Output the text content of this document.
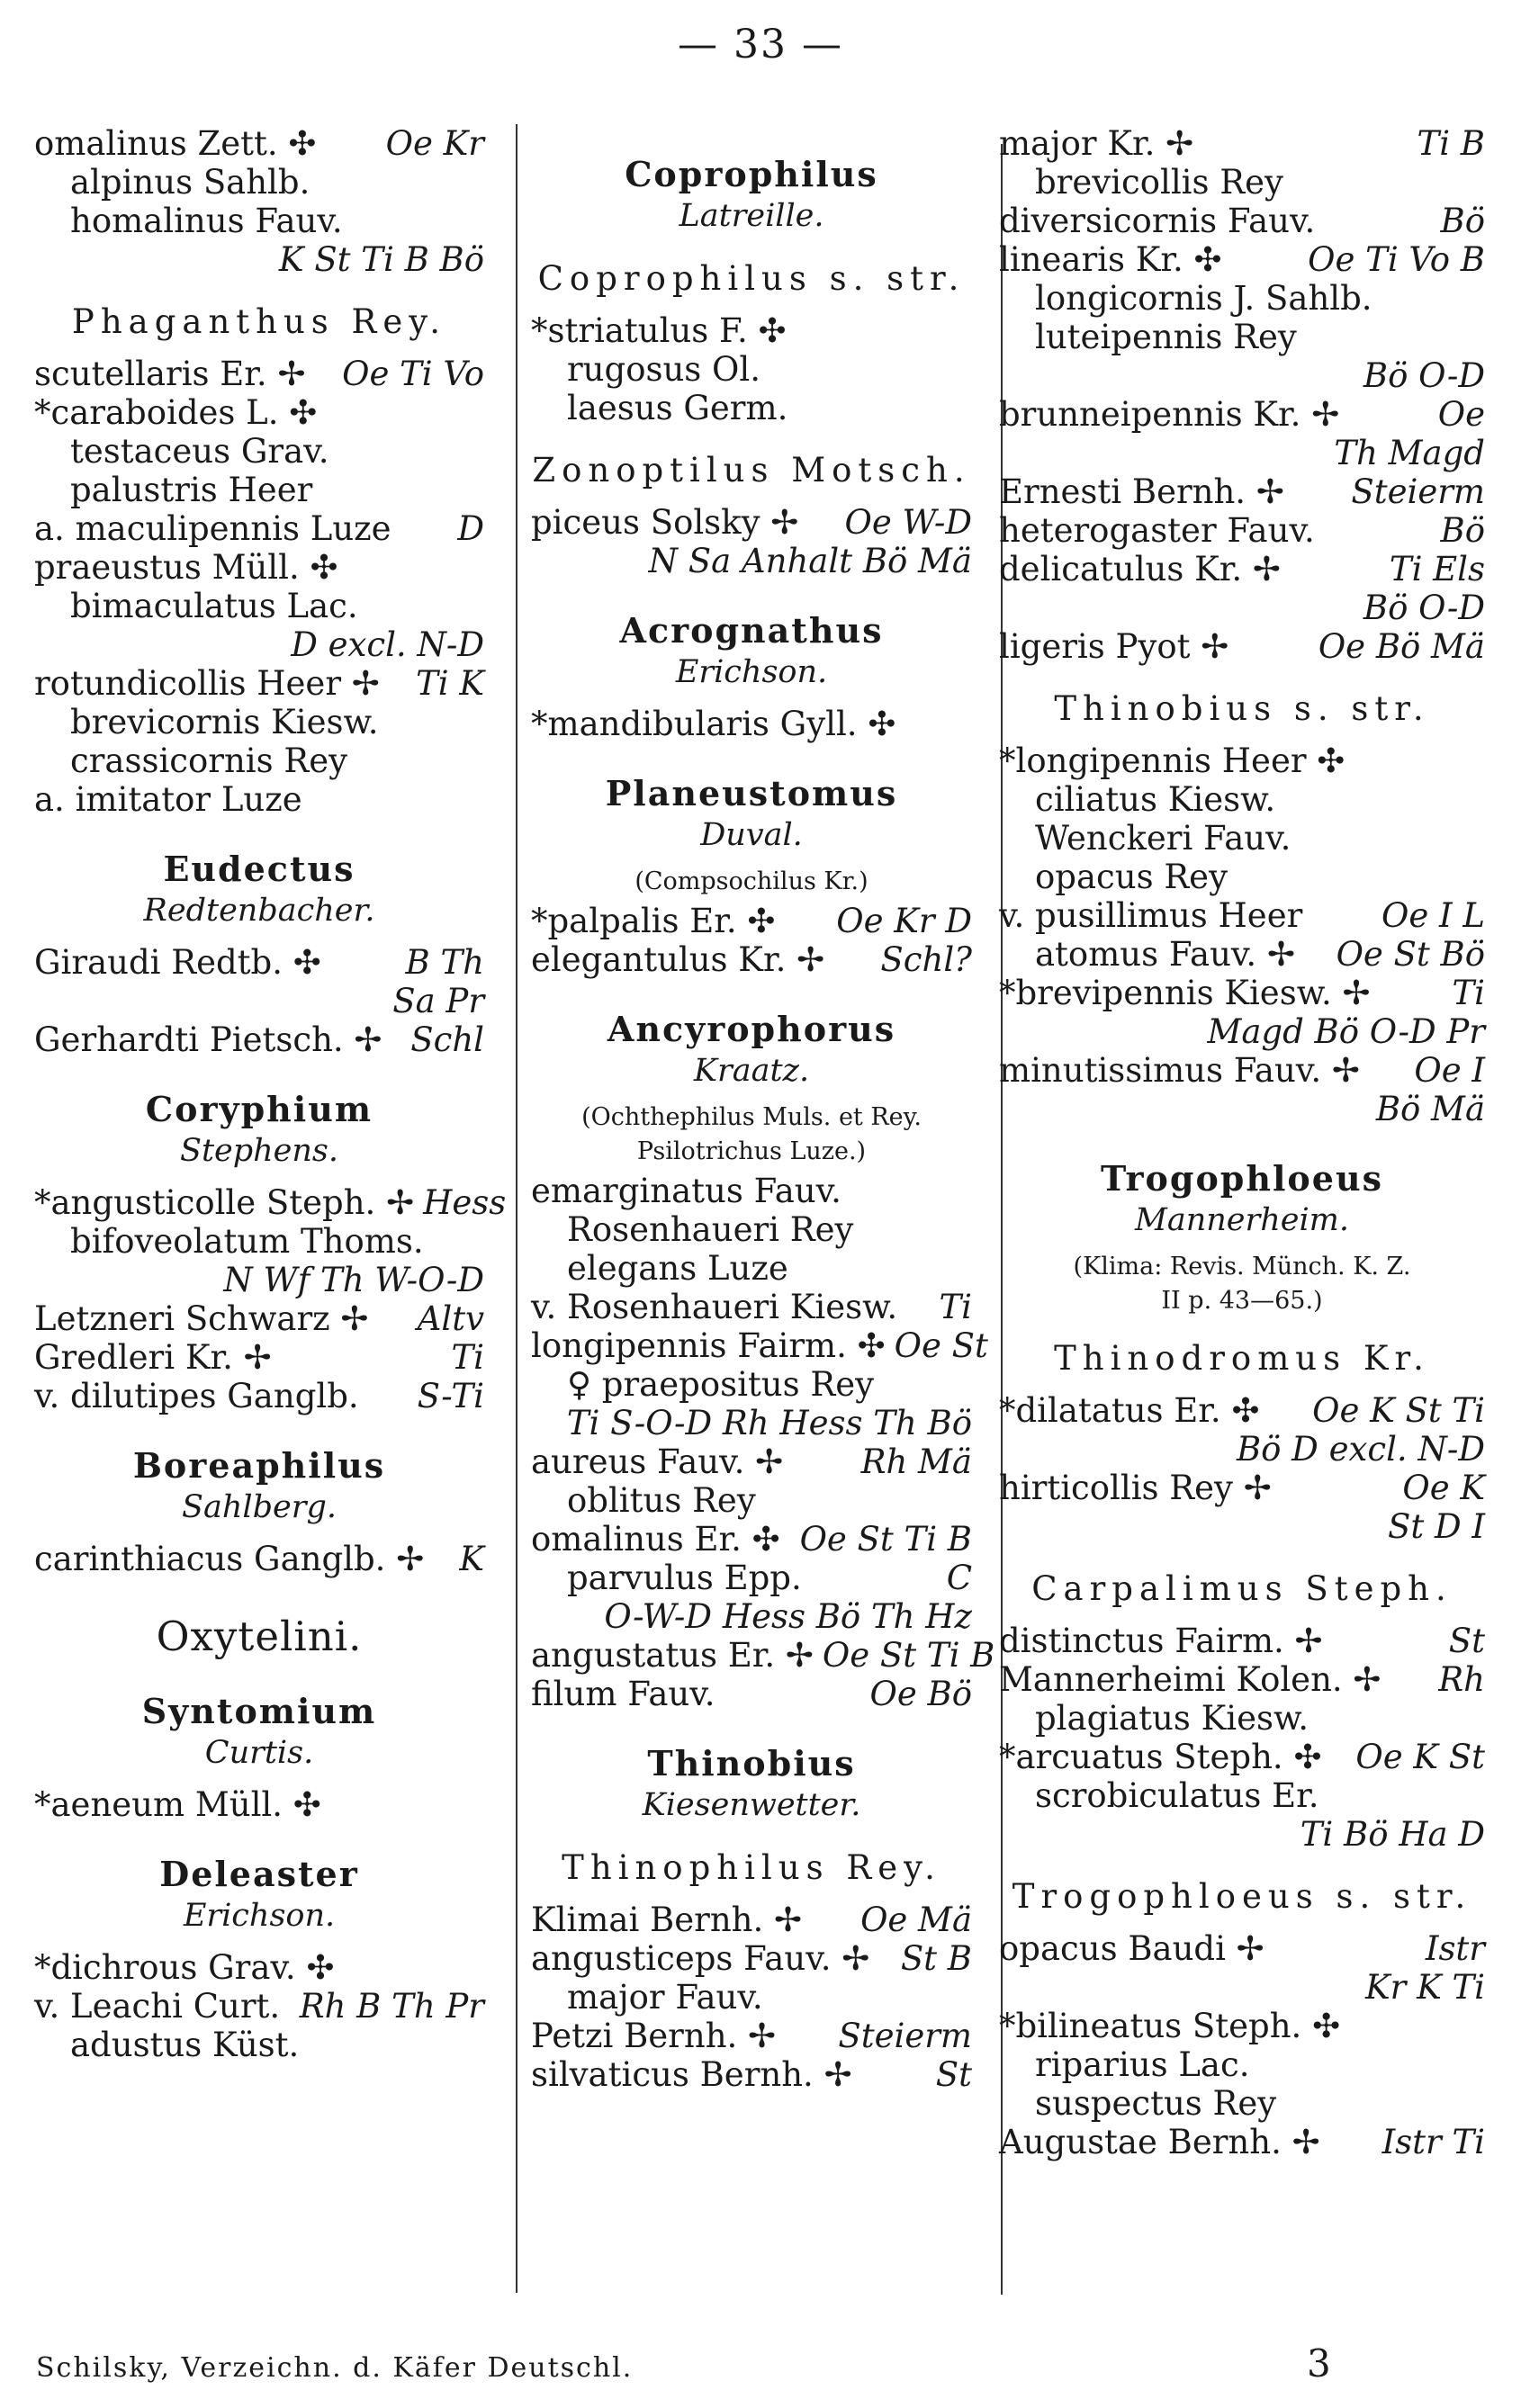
— 33 —
omalinus Zett. ✣ Oe Kr
alpinus Sahlb.
homalinus Fauv.
K St Ti B Bö
Phaganthus Rey.
scutellaris Er. ✢ Oe Ti Vo
*caraboides L. ✣
testaceus Grav.
palustris Heer
a. maculipennis Luze D
praeustus Müll. ✣
bimaculatus Lac.
D excl. N-D
rotundicollis Heer ✢ Ti K
brevicornis Kiesw.
crassicornis Rey
a. imitator Luze
Eudectus
Redtenbacher.
Giraudi Redtb. ✣	B Th
Sa Pr
Gerhardti Pietsch. ✢ Schl
Coryphium
Stephens.
*angusticolle Steph. ✢ Hess
bifoveolatum Thoms.
N Wf Th W-O-D
Letzneri Schwarz ✢ Altv
Gredleri Kr. ✢	Ti
v. dilutipes Ganglb. S-Ti
Boreaphilus
Sahlberg.
carinthiacus Ganglb. ✢ K
Oxytelini.
Syntomium
Curtis.
*aeneum Müll. ✣
Deleaster
Erichson.
*dichrous Grav. ✣
v. Leachi Curt. Rh B Th Pr
adustus Küst.
Coprophilus
Latreille.
Coprophilus s. str.
*striatulus F. ✣
rugosus Ol.
laesus Germ.
Zonoptilus Motsch.
piceus Solsky ✢ Oe W-D
N Sa Anhalt Bö Mä
Acrognathus
Erichson.
*mandibularis Gyll. ✣
Planeustomus
Duval.
(Compsochilus Kr.)
*palpalis Er. ✣ Oe Kr D
elegantulus Kr. ✢ Schl?
Ancyrophorus
Kraatz.
(Ochthephilus Muls. et Rey.
Psilotrichus Luze.)
emarginatus Fauv.
Rosenhaueri Rey
elegans Luze
v. Rosenhaueri Kiesw. Ti
longipennis Fairm. ✣ Oe St
♀ praepositus Rey
Ti S-O-D Rh Hess Th Bö
aureus Fauv. ✢ Rh Mä
oblitus Rey
omalinus Er. ✣ Oe St Ti B
parvulus Epp.	C
O-W-D Hess Bö Th Hz
angustatus Er. ✢ Oe St Ti B
filum Fauv.	Oe Bö
Thinobius
Kiesenwetter.
Thinophilus Rey.
Klimai Bernh. ✢ Oe Mä
angusticeps Fauv. ✢ St B
major Fauv.
Petzi Bernh. ✢ Steierm
silvaticus Bernh. ✢	St
major Kr. ✢	Ti B
brevicollis Rey
diversicornis Fauv.	Bö
linearis Kr. ✣	Oe Ti Vo B
longicornis J. Sahlb.
luteipennis Rey
Bö O-D
brunneipennis Kr. ✢	Oe
Th Magd
Ernesti Bernh. ✢ Steierm
heterogaster Fauv.	Bö
delicatulus Kr. ✢	Ti Els
Bö O-D
ligeris Pyot ✢	Oe Bö Mä
Thinobius s. str.
*longipennis Heer ✣
ciliatus Kiesw.
Wenckeri Fauv.
opacus Rey
v. pusillimus Heer Oe I L
atomus Fauv. ✢ Oe St Bö
*brevipennis Kiesw. ✢ Ti
Magd Bö O-D Pr
minutissimus Fauv. ✢ Oe I
Bö Mä
Trogophloeus
Mannerheim.
(Klima: Revis. Münch. K. Z.
II p. 43—65.)
Thinodromus Kr.
*dilatatus Er. ✣ Oe K St Ti
Bö D excl. N-D
hirticollis Rey ✢	Oe K
St D I
Carpalimus Steph.
distinctus Fairm. ✢	St
Mannerheimi Kolen. ✢ Rh
plagiatus Kiesw.
*arcuatus Steph. ✣ Oe K St
scrobiculatus Er.
Ti Bö Ha D
Trogophloeus s. str.
opacus Baudi ✢	Istr
Kr K Ti
*bilineatus Steph. ✣
riparius Lac.
suspectus Rey
Augustae Bernh. ✢ Istr Ti
Schilsky, Verzeichn. d. Käfer Deutschl.	3
